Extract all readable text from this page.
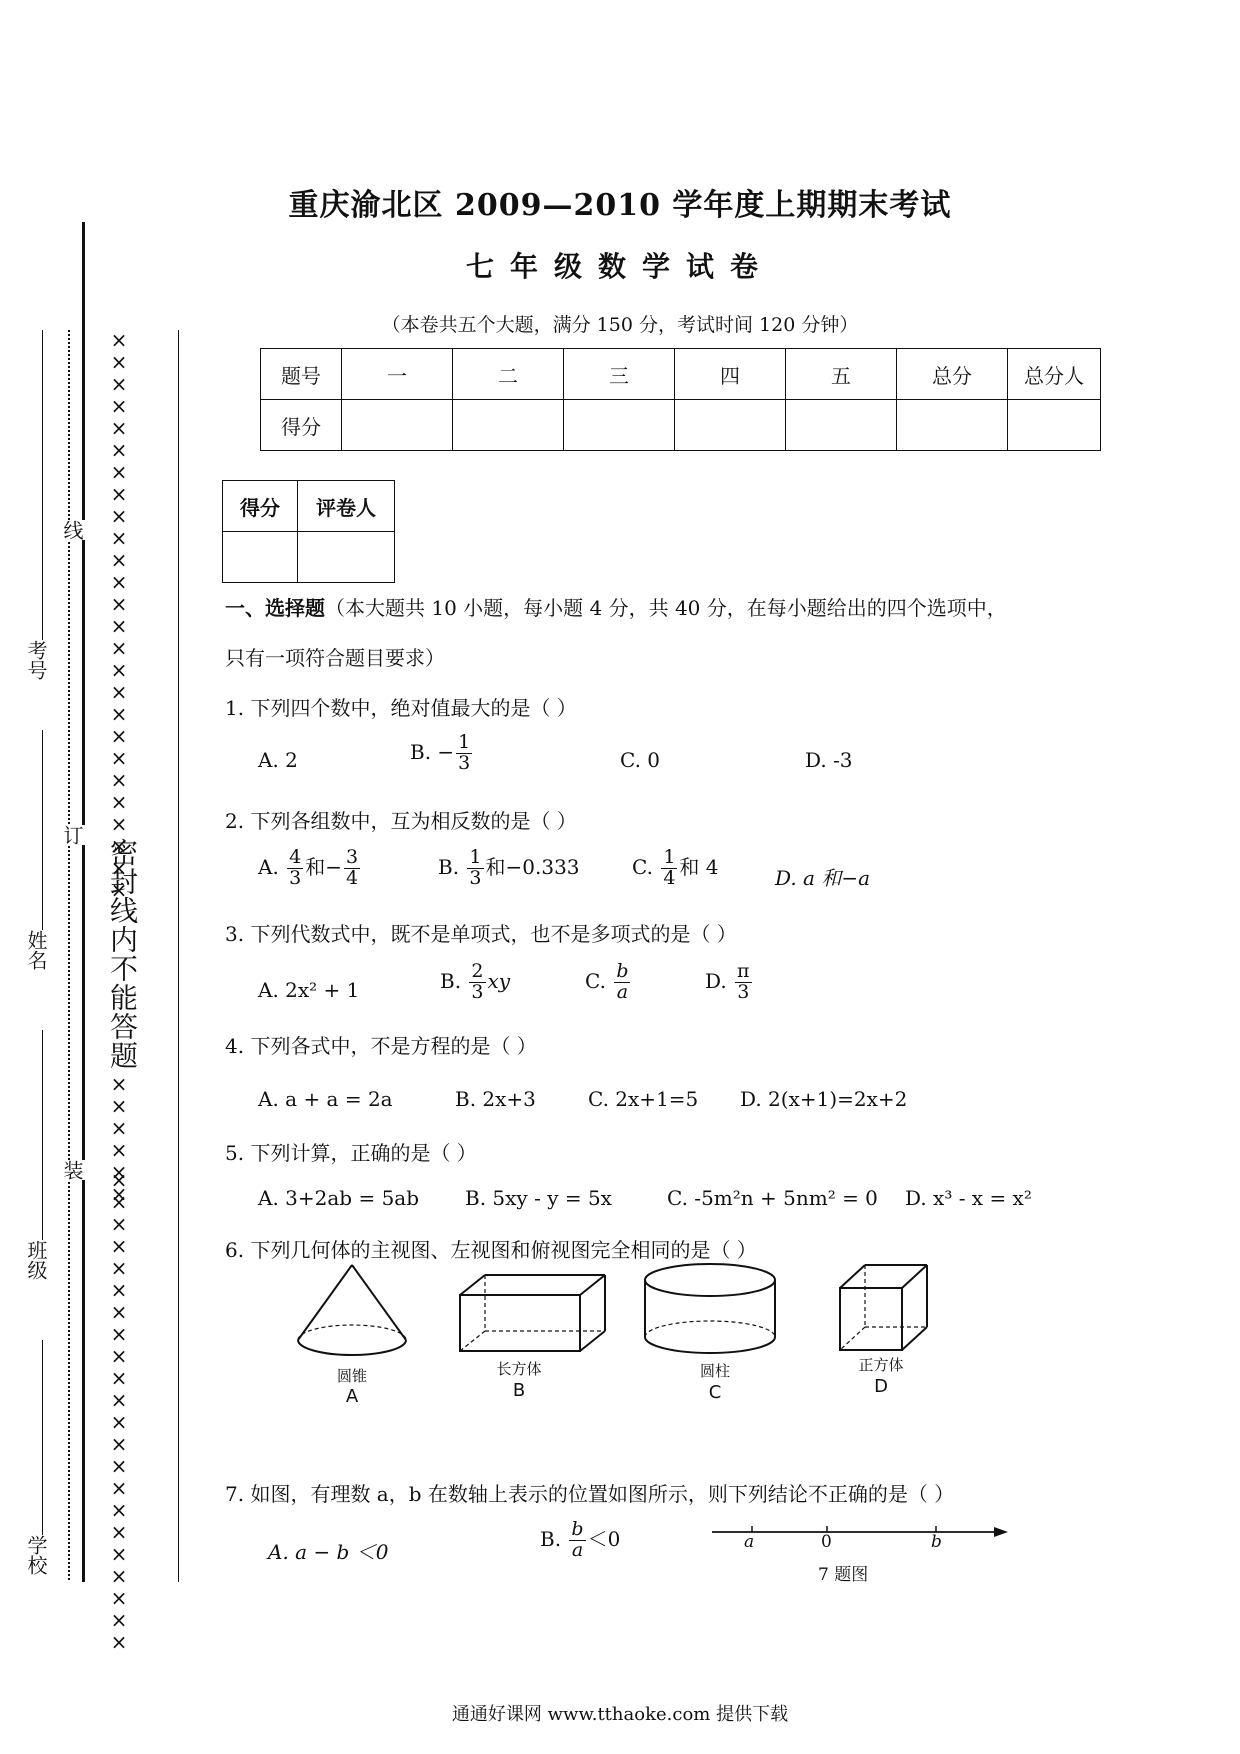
考号
姓名
班级
学校
线
订
装
××××××××××××××××××××××××××
密封线内不能答题
××××××
××××××××××××××××××××××
重庆渝北区 2009—2010 学年度上期期末考试
七年级数学试卷
（本卷共五个大题，满分 150 分，考试时间 120 分钟）
题号	一	二	三	四	五	总分	总分人
得分							
得分	评卷人

一、选择题（本大题共 10 小题，每小题 4 分，共 40 分，在每小题给出的四个选项中，
只有一项符合题目要求）
1. 下列四个数中，绝对值最大的是（ ）
A. 2	B. − $\frac{1}{3}$	C. 0	D. -3
2. 下列各组数中，互为相反数的是（ ）
A. $\frac{4}{3}$ 和− $\frac{3}{4}$	B. $\frac{1}{3}$ 和−0.333	C. $\frac{1}{4}$ 和 4	D. a 和−a
3. 下列代数式中，既不是单项式，也不是多项式的是（ ）
A. 2x² + 1	B. $\frac{2}{3}$ xy	C. $\frac{b}{a}$	D. $\frac{\pi}{3}$
4. 下列各式中，不是方程的是（ ）
A. a + a = 2a	B. 2x+3	C. 2x+1=5 D. 2(x+1)=2x+2
5. 下列计算，正确的是（ ）
A. 3+2ab = 5ab B. 5xy - y = 5x	C. -5m²n + 5nm² = 0 D. x³ - x = x²
6. 下列几何体的主视图、左视图和俯视图完全相同的是（ ）
圆锥
A
长方体
B
圆柱
C
正方体
D
7. 如图，有理数 a，b 在数轴上表示的位置如图所示，则下列结论不正确的是（ ）
A. a − b ＜0
B. $\frac{b}{a} <0$	a	0	b
7 题图
通通好课网 www.tthaoke.com 提供下载
